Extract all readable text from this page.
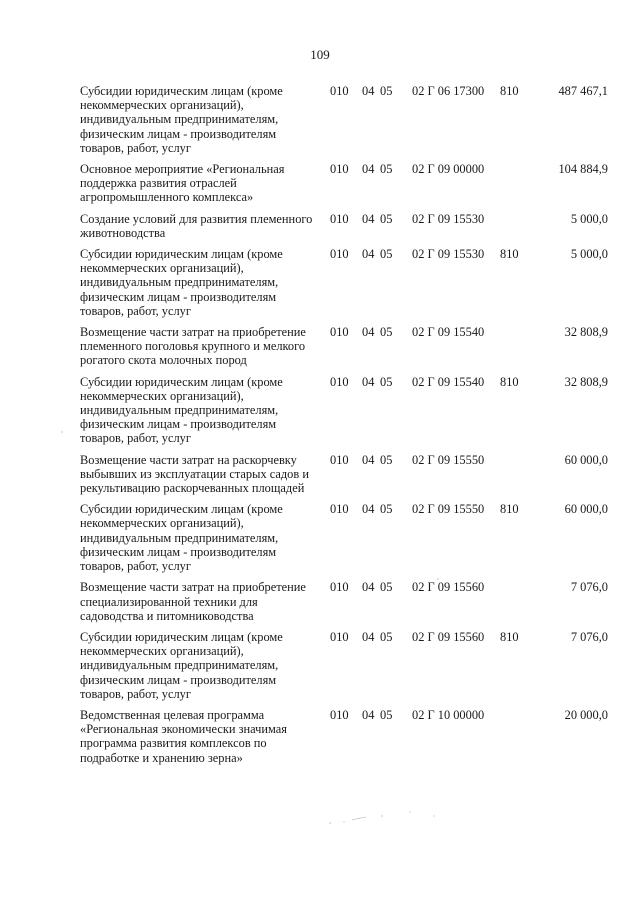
109
Субсидии юридическим лицам (кроме некоммерческих организаций), индивидуальным предпринимателям, физическим лицам - производителям товаров, работ, услуг	010	04	05	02 Г 06 17300	810	487 467,1

Основное мероприятие «Региональная поддержка развития отраслей агропромышленного комплекса»	010	04	05	02 Г 09 00000		104 884,9

Создание условий для развития племенного животноводства	010	04	05	02 Г 09 15530		5 000,0

Субсидии юридическим лицам (кроме некоммерческих организаций), индивидуальным предпринимателям, физическим лицам - производителям товаров, работ, услуг	010	04	05	02 Г 09 15530	810	5 000,0

Возмещение части затрат на приобретение племенного поголовья крупного и мелкого рогатого скота молочных пород	010	04	05	02 Г 09 15540		32 808,9

Субсидии юридическим лицам (кроме некоммерческих организаций), индивидуальным предпринимателям, физическим лицам - производителям товаров, работ, услуг	010	04	05	02 Г 09 15540	810	32 808,9

Возмещение части затрат на раскорчевку выбывших из эксплуатации старых садов и рекультивацию раскорчеванных площадей	010	04	05	02 Г 09 15550		60 000,0

Субсидии юридическим лицам (кроме некоммерческих организаций), индивидуальным предпринимателям, физическим лицам - производителям товаров, работ, услуг	010	04	05	02 Г 09 15550	810	60 000,0

Возмещение части затрат на приобретение специализированной техники для садоводства и питомниководства	010	04	05	02 Г 09 15560		7 076,0

Субсидии юридическим лицам (кроме некоммерческих организаций), индивидуальным предпринимателям, физическим лицам - производителям товаров, работ, услуг	010	04	05	02 Г 09 15560	810	7 076,0

Ведомственная целевая программа «Региональная экономически значимая программа развития комплексов по подработке и хранению зерна»	010	04	05	02 Г 10 00000		20 000,0
